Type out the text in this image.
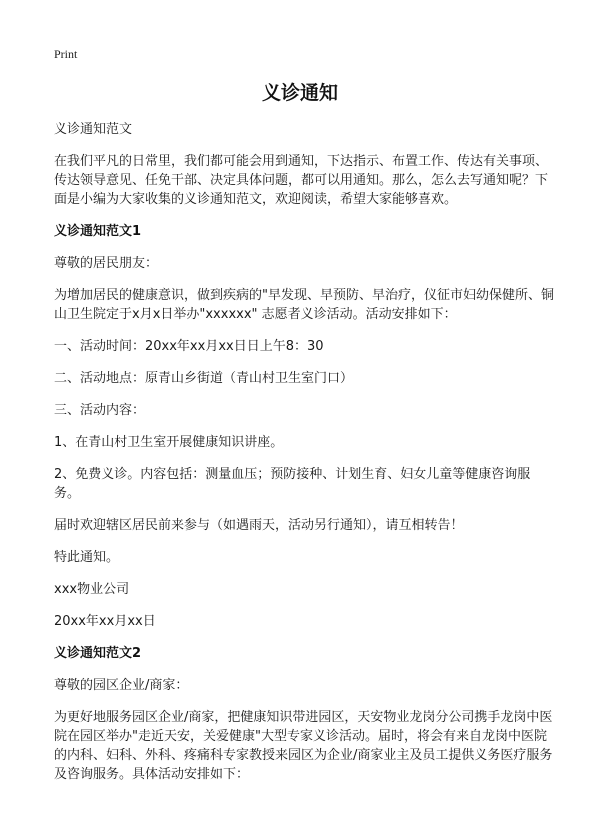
Print
义诊通知

义诊通知范文

在我们平凡的日常里，我们都可能会用到通知，下达指示、布置工作、传达有关事项、传达领导意见、任免干部、决定具体问题，都可以用通知。那么，怎么去写通知呢？下面是小编为大家收集的义诊通知范文，欢迎阅读，希望大家能够喜欢。

义诊通知范文1

尊敬的居民朋友：

为增加居民的健康意识，做到疾病的"早发现、早预防、早治疗，仪征市妇幼保健所、铜山卫生院定于x月x日举办"xxxxxx" 志愿者义诊活动。活动安排如下：

一、活动时间：20xx年xx月xx日日上午8：30

二、活动地点：原青山乡街道（青山村卫生室门口）

三、活动内容：

1、在青山村卫生室开展健康知识讲座。

2、免费义诊。内容包括：测量血压；预防接种、计划生育、妇女儿童等健康咨询服务。

届时欢迎辖区居民前来参与（如遇雨天，活动另行通知），请互相转告！

特此通知。

xxx物业公司

20xx年xx月xx日

义诊通知范文2

尊敬的园区企业/商家：

为更好地服务园区企业/商家，把健康知识带进园区，天安物业龙岗分公司携手龙岗中医院在园区举办"走近天安，关爱健康"大型专家义诊活动。届时，将会有来自龙岗中医院的内科、妇科、外科、疼痛科专家教授来园区为企业/商家业主及员工提供义务医疗服务及咨询服务。具体活动安排如下：
